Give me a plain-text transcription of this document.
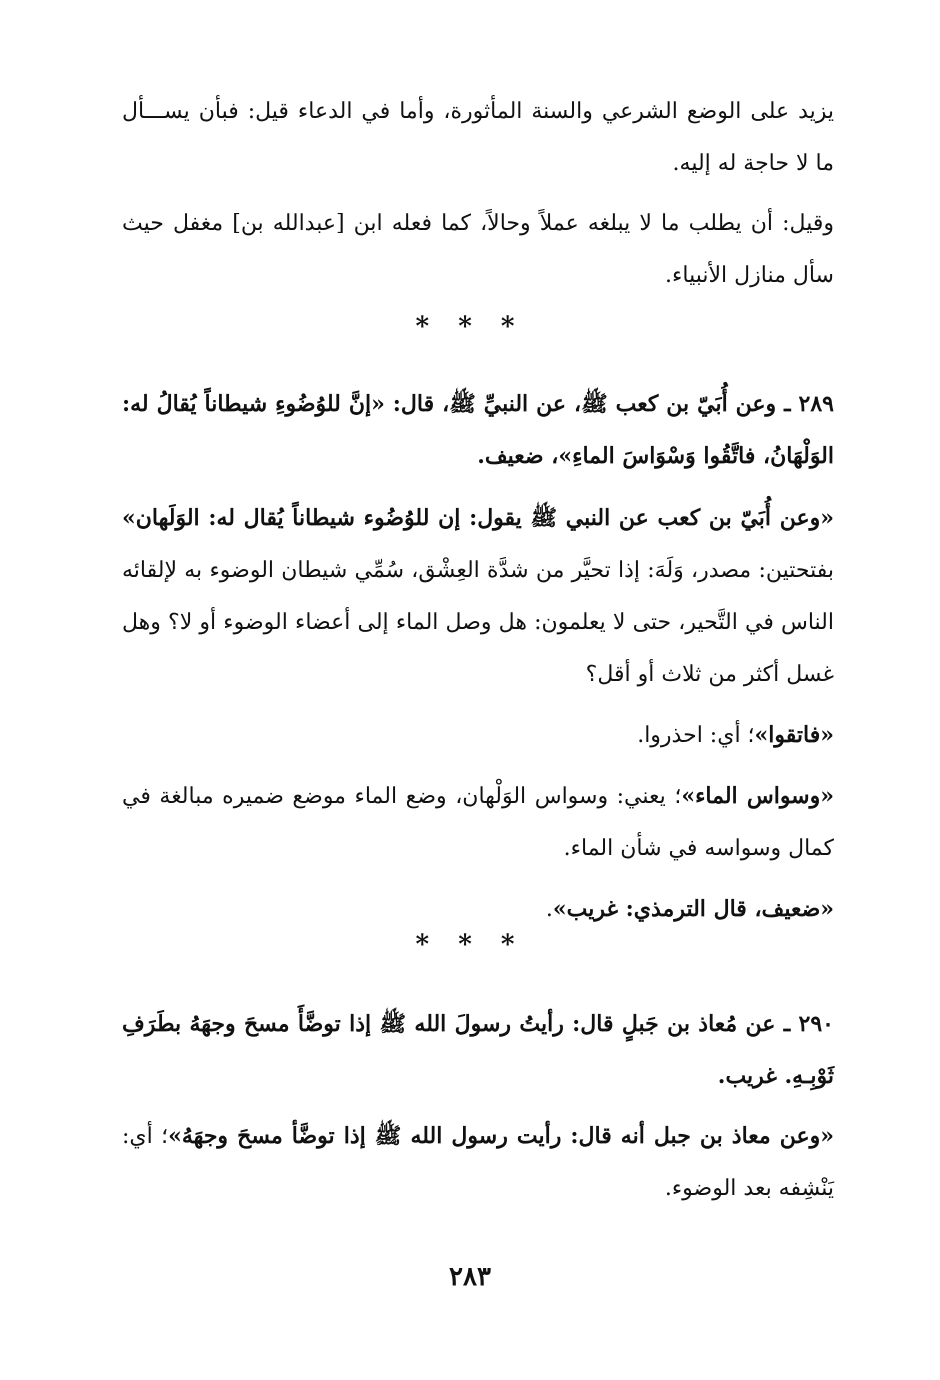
يزيد على الوضع الشرعي والسنة المأثورة، وأما في الدعاء قيل: فبأن يســـأل ما لا حاجة له إليه.

وقيل: أن يطلب ما لا يبلغه عملاً وحالاً، كما فعله ابن [عبدالله بن] مغفل حيث سأل منازل الأنبياء.

* * *

٢٨٩ ـ وعن أُبَيّ بن كعب ﷺ، عن النبيِّ ﷺ، قال: «إنَّ للوُضُوءِ شيطاناً يُقالُ له: الوَلْهَانُ، فاتَّقُوا وَسْوَاسَ الماءِ»، ضعيف.

«وعن أُبَيّ بن كعب عن النبي ﷺ يقول: إن للوُضُوء شيطاناً يُقال له: الوَلَهان» بفتحتين: مصدر، وَلَهَ: إذا تحيَّر من شدَّة العِشْق، سُمِّي شيطان الوضوء به لإلقائه الناس في التَّحير، حتى لا يعلمون: هل وصل الماء إلى أعضاء الوضوء أو لا؟ وهل غسل أكثر من ثلاث أو أقل؟

«فاتقوا»؛ أي: احذروا.

«وسواس الماء»؛ يعني: وسواس الوَلْهان، وضع الماء موضع ضميره مبالغة في كمال وسواسه في شأن الماء.

«ضعيف، قال الترمذي: غريب».

* * *

٢٩٠ ـ عن مُعاذ بن جَبلٍ قال: رأيتُ رسولَ الله ﷺ إذا توضَّأَ مسحَ وجهَهُ بطَرَفِ ثَوْبِـهِ. غريب.

«وعن معاذ بن جبل أنه قال: رأيت رسول الله ﷺ إذا توضَّأ مسحَ وجهَهُ»؛ أي: يَنْشِفه بعد الوضوء.

٢٨٣
